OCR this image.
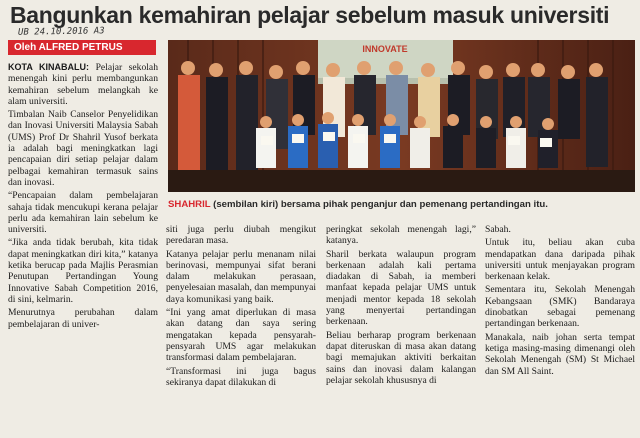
Bangunkan kemahiran pelajar sebelum masuk universiti
UB 24.10.2016 A3
Oleh ALFRED PETRUS

KOTA KINABALU: Pelajar sekolah menengah kini perlu membangunkan kemahiran sebelum melangkah ke alam universiti.

Timbalan Naib Canselor Penyelidikan dan Inovasi Universiti Malaysia Sabah (UMS) Prof Dr Shahril Yusof berkata ia adalah bagi meningkatkan lagi pencapaian diri setiap pelajar dalam pelbagai kemahiran termasuk sains dan inovasi.

“Pencapaian dalam pembelajaran sahaja tidak mencukupi kerana pelajar perlu ada kemahiran lain sebelum ke universiti.

“Jika anda tidak berubah, kita tidak dapat meningkatkan diri kita,” katanya ketika berucap pada Majlis Perasmian Penutupan Pertandingan Young Innovative Sabah Competition 2016, di sini, kelmarin.

Menurutnya perubahan dalam pembelajaran di univer-

INNOVATE
SHAHRIL (sembilan kiri) bersama pihak penganjur dan pemenang pertandingan itu.

siti juga perlu diubah mengikut peredaran masa.

Katanya pelajar perlu menanam nilai berinovasi, mempunyai sifat berani dalam melakukan perasaan, penyelesaian masalah, dan mempunyai daya komunikasi yang baik.

“Ini yang amat diperlukan di masa akan datang dan saya sering mengatakan kepada pensyarah-pensyarah UMS agar melakukan transformasi dalam pembelajaran.

“Transformasi ini juga bagus sekiranya dapat dilakukan di

peringkat sekolah menengah lagi,” katanya.

Sharil berkata walaupun program berkenaan adalah kali pertama diadakan di Sabah, ia memberi manfaat kepada pelajar UMS untuk menjadi mentor kepada 18 sekolah yang menyertai pertandingan berkenaan.

Beliau berharap program berkenaan dapat diteruskan di masa akan datang bagi memajukan aktiviti berkaitan sains dan inovasi dalam kalangan pelajar sekolah khususnya di

Sabah.

Untuk itu, beliau akan cuba mendapatkan dana daripada pihak universiti untuk menjayakan program berkenaan kelak.

Sementara itu, Sekolah Menengah Kebangsaan (SMK) Bandaraya dinobatkan sebagai pemenang pertandingan berkenaan.

Manakala, naib johan serta tempat ketiga masing-masing dimenangi oleh Sekolah Menengah (SM) St Michael dan SM All Saint.
